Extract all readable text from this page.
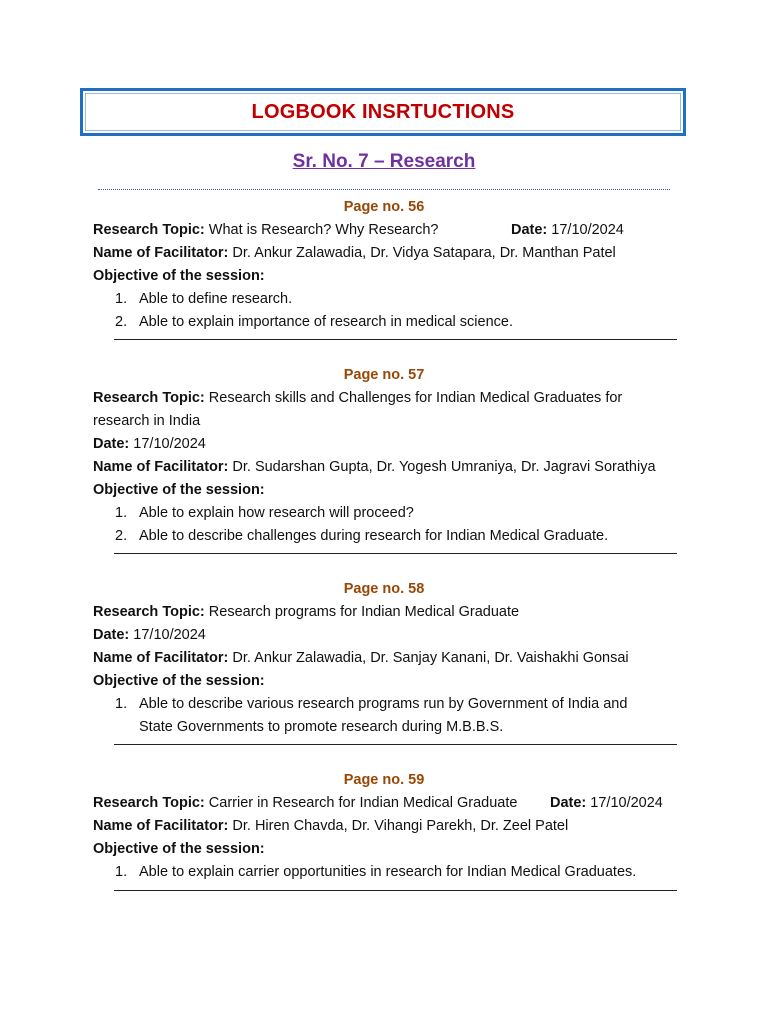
LOGBOOK INSRTUCTIONS
Sr. No. 7 – Research
Page no. 56
Research Topic: What is Research? Why Research?	Date: 17/10/2024
Name of Facilitator: Dr. Ankur Zalawadia, Dr. Vidya Satapara, Dr. Manthan Patel
Objective of the session:
1. Able to define research.
2. Able to explain importance of research in medical science.
Page no. 57
Research Topic: Research skills and Challenges for Indian Medical Graduates for
research in India
Date: 17/10/2024
Name of Facilitator: Dr. Sudarshan Gupta, Dr. Yogesh Umraniya, Dr. Jagravi Sorathiya
Objective of the session:
1. Able to explain how research will proceed?
2. Able to describe challenges during research for Indian Medical Graduate.
Page no. 58
Research Topic: Research programs for Indian Medical Graduate
Date: 17/10/2024
Name of Facilitator: Dr. Ankur Zalawadia, Dr. Sanjay Kanani, Dr. Vaishakhi Gonsai
Objective of the session:
1. Able to describe various research programs run by Government of India and
State Governments to promote research during M.B.B.S.
Page no. 59
Research Topic: Carrier in Research for Indian Medical Graduate Date: 17/10/2024
Name of Facilitator: Dr. Hiren Chavda, Dr. Vihangi Parekh, Dr. Zeel Patel
Objective of the session:
1. Able to explain carrier opportunities in research for Indian Medical Graduates.
